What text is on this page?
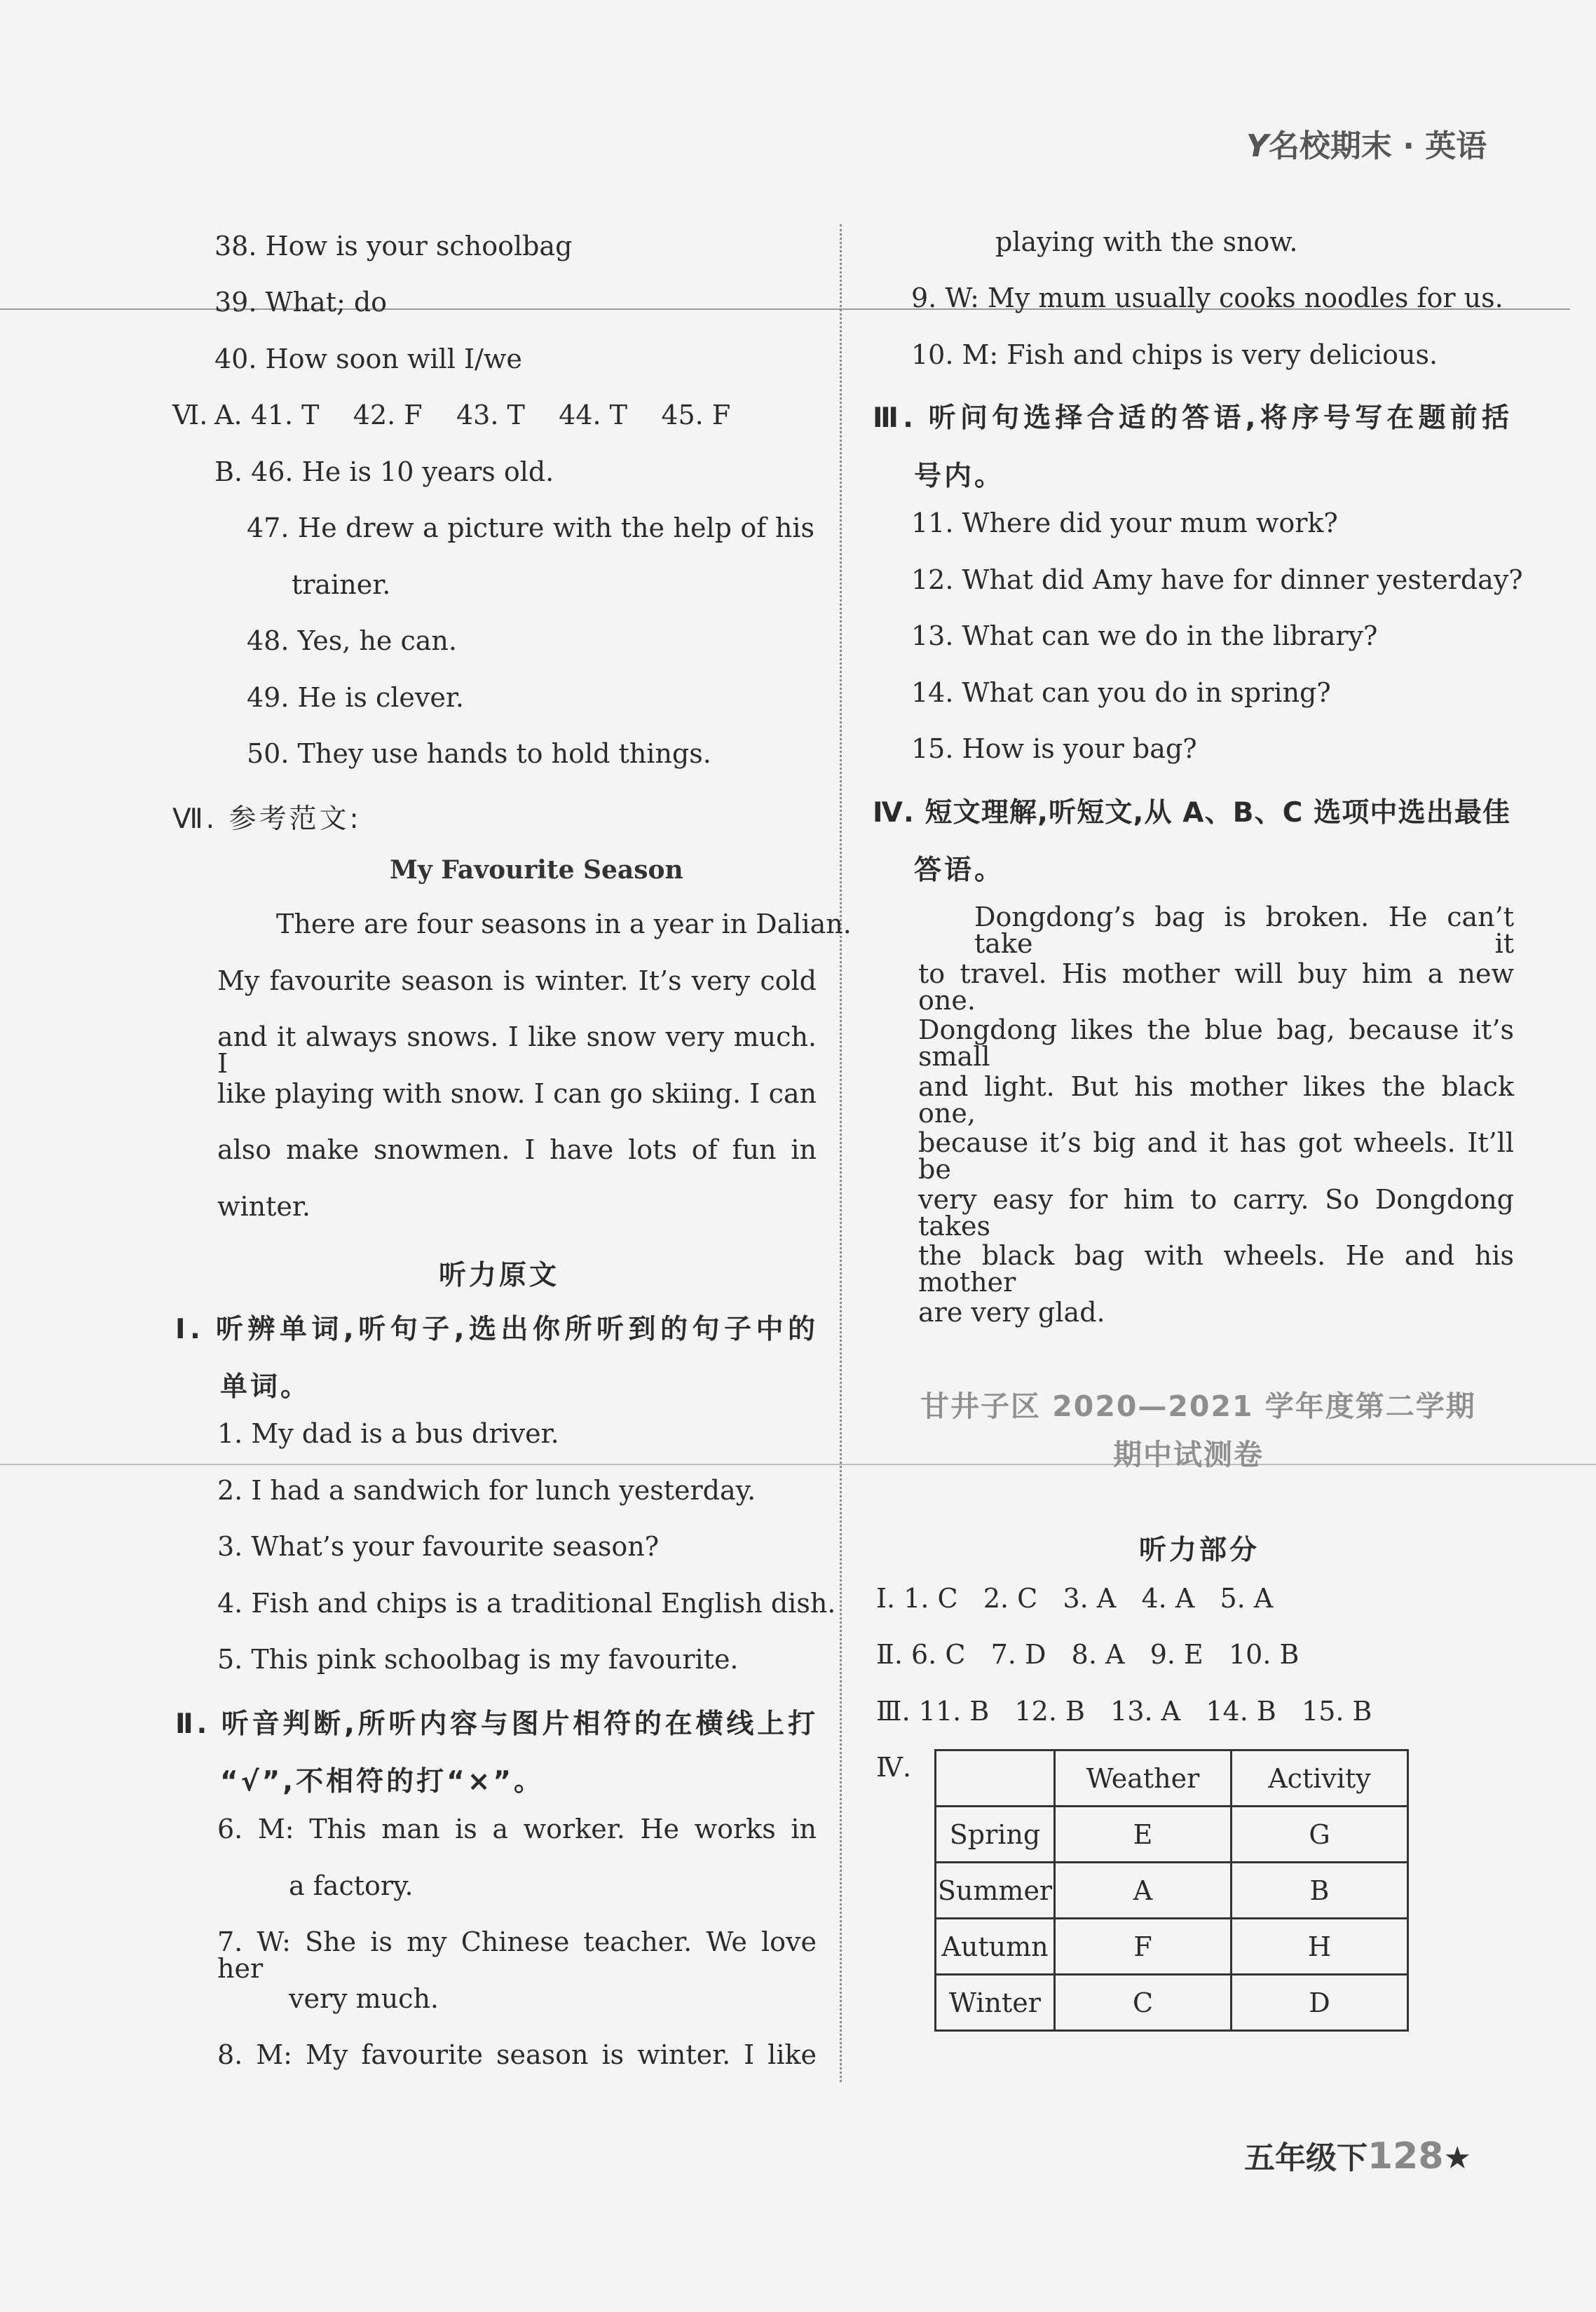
Y名校期末 · 英语
38. How is your schoolbag
39. What; do
40. How soon will I/we
Ⅵ. A. 41. T    42. F    43. T    44. T    45. F
B. 46. He is 10 years old.
47. He drew a picture with the help of his
trainer.
48. Yes, he can.
49. He is clever.
50. They use hands to hold things.
Ⅶ. 参考范文:
My Favourite Season
There are four seasons in a year in Dalian.
My favourite season is winter. It’s very cold
and it always snows. I like snow very much. I
like playing with snow. I can go skiing. I can
also make snowmen. I have lots of fun in
winter.
听力原文
Ⅰ. 听辨单词,听句子,选出你所听到的句子中的
单词。
1. My dad is a bus driver.
2. I had a sandwich for lunch yesterday.
3. What’s your favourite season?
4. Fish and chips is a traditional English dish.
5. This pink schoolbag is my favourite.
Ⅱ. 听音判断,所听内容与图片相符的在横线上打
“√”,不相符的打“×”。
6. M: This man is a worker. He works in
a factory.
7. W: She is my Chinese teacher. We love her
very much.
8. M: My favourite season is winter. I like
playing with the snow.
9. W: My mum usually cooks noodles for us.
10. M: Fish and chips is very delicious.
Ⅲ. 听问句选择合适的答语,将序号写在题前括
号内。
11. Where did your mum work?
12. What did Amy have for dinner yesterday?
13. What can we do in the library?
14. What can you do in spring?
15. How is your bag?
Ⅳ. 短文理解,听短文,从 A、B、C 选项中选出最佳
答语。
Dongdong’s bag is broken. He can’t take it
to travel. His mother will buy him a new one.
Dongdong likes the blue bag, because it’s small
and light. But his mother likes the black one,
because it’s big and it has got wheels. It’ll be
very easy for him to carry. So Dongdong takes
the black bag with wheels. He and his mother
are very glad.
甘井子区 2020—2021 学年度第二学期
期中试测卷
听力部分
Ⅰ. 1. C   2. C   3. A   4. A   5. A
Ⅱ. 6. C   7. D   8. A   9. E   10. B
Ⅲ. 11. B   12. B   13. A   14. B   15. B
Ⅳ.
		Weather	Activity
Spring	E	G
Summer	A	B
Autumn	F	H
Winter	C	D
五年级下128★
